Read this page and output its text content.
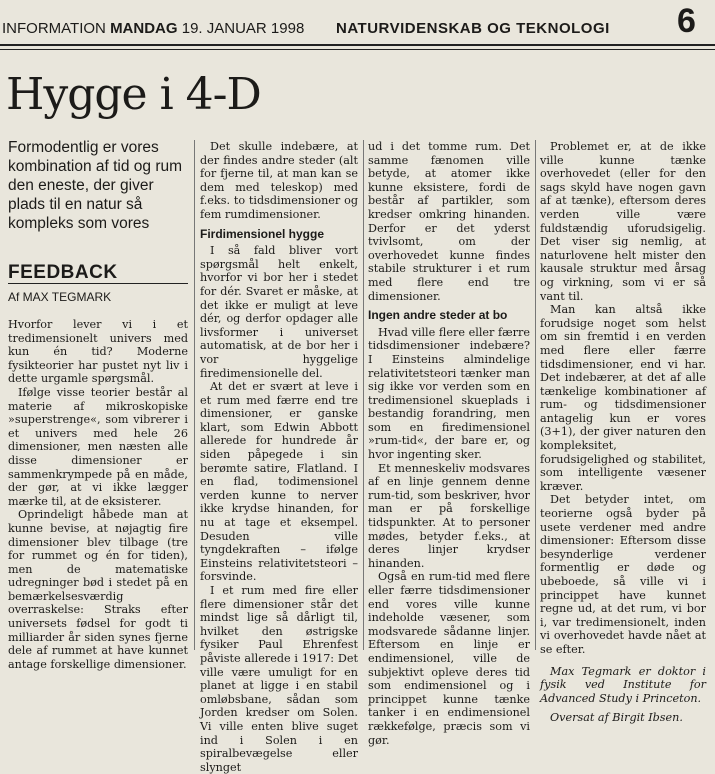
INFORMATION MANDAG 19. JANUAR 1998 NATURVIDENSKAB OG TEKNOLOGI 6
Hygge i 4-D
Formodentlig er vores kombination af tid og rum den eneste, der giver plads til en natur så kompleks som vores
FEEDBACK
Af MAX TEGMARK

Hvorfor lever vi i et tredimensionelt univers med kun én tid? Moderne fysikteorier har pustet nyt liv i dette urgamle spørgsmål.

Ifølge visse teorier består al materie af mikroskopiske »superstrenge«, som vibrerer i et univers med hele 26 dimensioner, men næsten alle disse dimensioner er sammenkrympede på en måde, der gør, at vi ikke lægger mærke til, at de eksisterer.

Oprindeligt håbede man at kunne bevise, at nøjagtig fire dimensioner blev tilbage (tre for rummet og én for tiden), men de matematiske udregninger bød i stedet på en bemærkelsesværdig overraskelse: Straks efter universets fødsel for godt ti milliarder år siden synes fjerne dele af rummet at have kunnet antage forskellige dimensioner.

Det skulle indebære, at der findes andre steder (alt for fjerne til, at man kan se dem med teleskop) med f.eks. to tidsdimensioner og fem rumdimensioner.

Firdimensionel hygge

I så fald bliver vort spørgsmål helt enkelt, hvorfor vi bor her i stedet for dér. Svaret er måske, at det ikke er muligt at leve dér, og derfor opdager alle livsformer i universet automatisk, at de bor her i vor hyggelige firedimensionelle del.

At det er svært at leve i et rum med færre end tre dimensioner, er ganske klart, som Edwin Abbott allerede for hundrede år siden påpegede i sin berømte satire, Flatland. I en flad, todimensionel verden kunne to nerver ikke krydse hinanden, for nu at tage et eksempel. Desuden ville tyngdekraften – ifølge Einsteins relativitetsteori – forsvinde.

I et rum med fire eller flere dimensioner står det mindst lige så dårligt til, hvilket den østrigske fysiker Paul Ehrenfest påviste allerede i 1917: Det ville være umuligt for en planet at ligge i en stabil omløbsbane, sådan som Jorden kredser om Solen. Vi ville enten blive suget ind i Solen i en spiralbevægelse eller slynget

ud i det tomme rum. Det samme fænomen ville betyde, at atomer ikke kunne eksistere, fordi de består af partikler, som kredser omkring hinanden. Derfor er det yderst tvivlsomt, om der overhovedet kunne findes stabile strukturer i et rum med flere end tre dimensioner.

Ingen andre steder at bo

Hvad ville flere eller færre tidsdimensioner indebære? I Einsteins almindelige relativitetsteori tænker man sig ikke vor verden som en tredimensionel skueplads i bestandig forandring, men som en firedimensionel »rum-tid«, der bare er, og hvor ingenting sker.

Et menneskeliv modsvares af en linje gennem denne rum-tid, som beskriver, hvor man er på forskellige tidspunkter. At to personer mødes, betyder f.eks., at deres linjer krydser hinanden.

Også en rum-tid med flere eller færre tidsdimensioner end vores ville kunne indeholde væsener, som modsvarede sådanne linjer. Eftersom en linje er endimensionel, ville de subjektivt opleve deres tid som endimensionel og i princippet kunne tænke tanker i en endimensionel rækkefølge, præcis som vi gør.

Problemet er, at de ikke ville kunne tænke overhovedet (eller for den sags skyld have nogen gavn af at tænke), eftersom deres verden ville være fuldstændig uforudsigelig. Det viser sig nemlig, at naturlovene helt mister den kausale struktur med årsag og virkning, som vi er så vant til.

Man kan altså ikke forudsige noget som helst om sin fremtid i en verden med flere eller færre tidsdimensioner, end vi har. Det indebærer, at det af alle tænkelige kombinationer af rum- og tidsdimensioner antagelig kun er vores (3+1), der giver naturen den kompleksitet, forudsigelighed og stabilitet, som intelligente væsener kræver.

Det betyder intet, om teorierne også byder på usete verdener med andre dimensioner: Eftersom disse besynderlige verdener formentlig er døde og ubeboede, så ville vi i princippet have kunnet regne ud, at det rum, vi bor i, var tredimensionelt, inden vi overhovedet havde nået at se efter.

Max Tegmark er doktor i fysik ved Institute for Advanced Study i Princeton.

Oversat af Birgit Ibsen.
